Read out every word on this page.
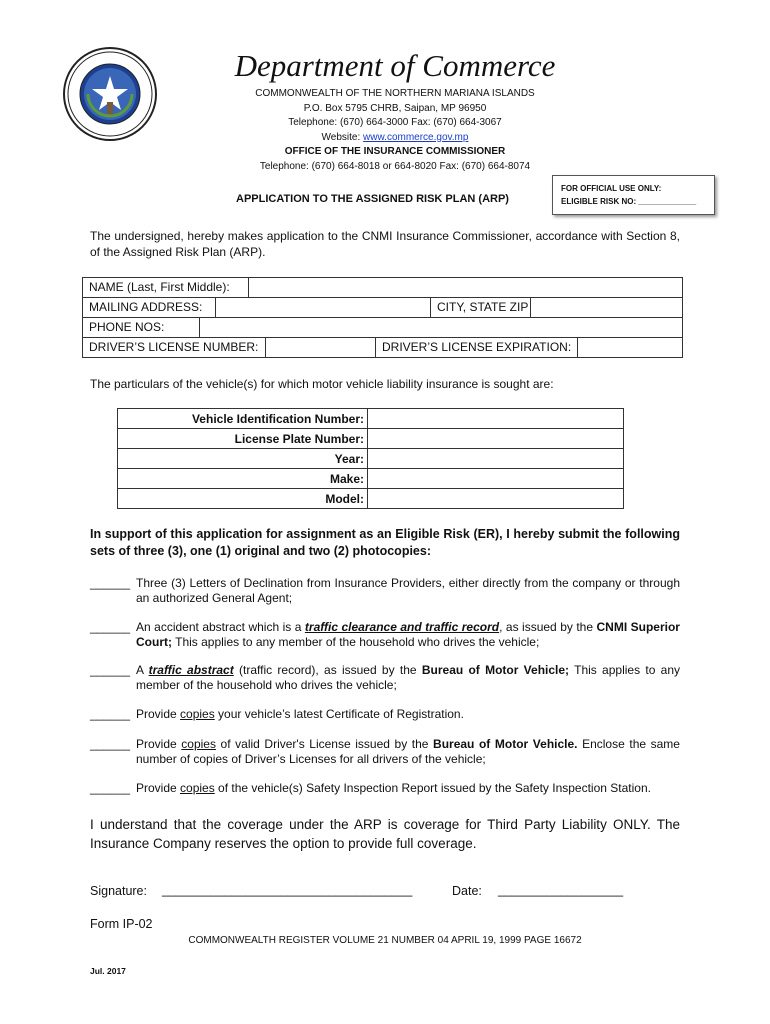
Department of Commerce
COMMONWEALTH OF THE NORTHERN MARIANA ISLANDS
P.O. Box 5795 CHRB, Saipan, MP 96950
Telephone: (670) 664-3000 Fax: (670) 664-3067
Website: www.commerce.gov.mp
OFFICE OF THE INSURANCE COMMISSIONER
Telephone: (670) 664-8018 or 664-8020 Fax: (670) 664-8074
FOR OFFICIAL USE ONLY:
ELIGIBLE RISK NO: _____________
APPLICATION TO THE ASSIGNED RISK PLAN (ARP)
The undersigned, hereby makes application to the CNMI Insurance Commissioner, accordance with Section 8, of the Assigned Risk Plan (ARP).
NAME (Last, First Middle):
MAILING ADDRESS:	CITY, STATE ZIP
PHONE NOS:
DRIVER’S LICENSE NUMBER:	DRIVER’S LICENSE EXPIRATION:
The particulars of the vehicle(s) for which motor vehicle liability insurance is sought are:
Vehicle Identification Number:	
License Plate Number:	
Year:	
Make:	
Model:	
In support of this application for assignment as an Eligible Risk (ER), I hereby submit the following sets of three (3), one (1) original and two (2) photocopies:
______ Three (3) Letters of Declination from Insurance Providers, either directly from the company or through an authorized General Agent;
______ An accident abstract which is a traffic clearance and traffic record, as issued by the CNMI Superior Court; This applies to any member of the household who drives the vehicle;
______ A traffic abstract (traffic record), as issued by the Bureau of Motor Vehicle; This applies to any member of the household who drives the vehicle;
______ Provide copies your vehicle’s latest Certificate of Registration.
______ Provide copies of valid Driver's License issued by the Bureau of Motor Vehicle. Enclose the same number of copies of Driver’s Licenses for all drivers of the vehicle;
______ Provide copies of the vehicle(s) Safety Inspection Report issued by the Safety Inspection Station.
I understand that the coverage under the ARP is coverage for Third Party Liability ONLY. The Insurance Company reserves the option to provide full coverage.
Signature: ____________________________________	Date: __________________
Form IP-02
COMMONWEALTH REGISTER VOLUME 21 NUMBER 04 APRIL 19, 1999 PAGE 16672
Jul. 2017
